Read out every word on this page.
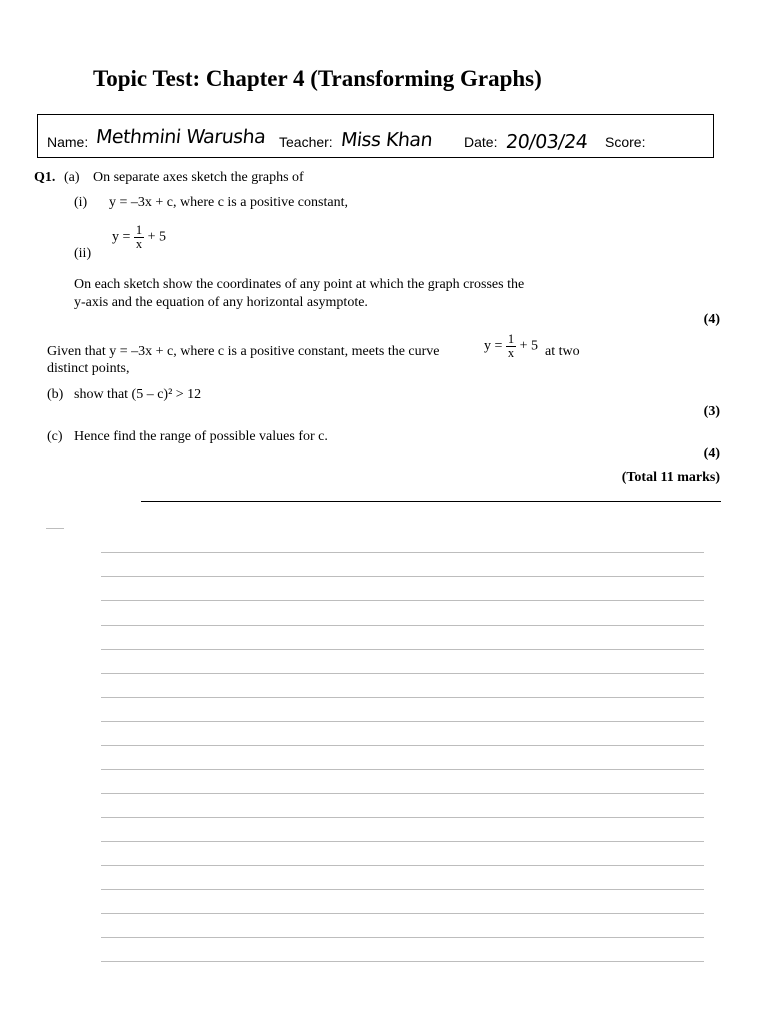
Topic Test: Chapter 4 (Transforming Graphs)
Name: Methmini Warusha Teacher: Miss Khan Date: 20/03/24 Score:
Q1. (a) On separate axes sketch the graphs of
(i) y = –3x + c, where c is a positive constant,
(ii)
$y = \frac{1}{x} + 5$
On each sketch show the coordinates of any point at which the graph crosses the
y-axis and the equation of any horizontal asymptote.
(4)
Given that y = –3x + c, where c is a positive constant, meets the curve	$y = \frac{1}{x} + 5$ at two
distinct points,
(b) show that (5 – c)² > 12
(3)
(c) Hence find the range of possible values for c.
(4)
(Total 11 marks)
